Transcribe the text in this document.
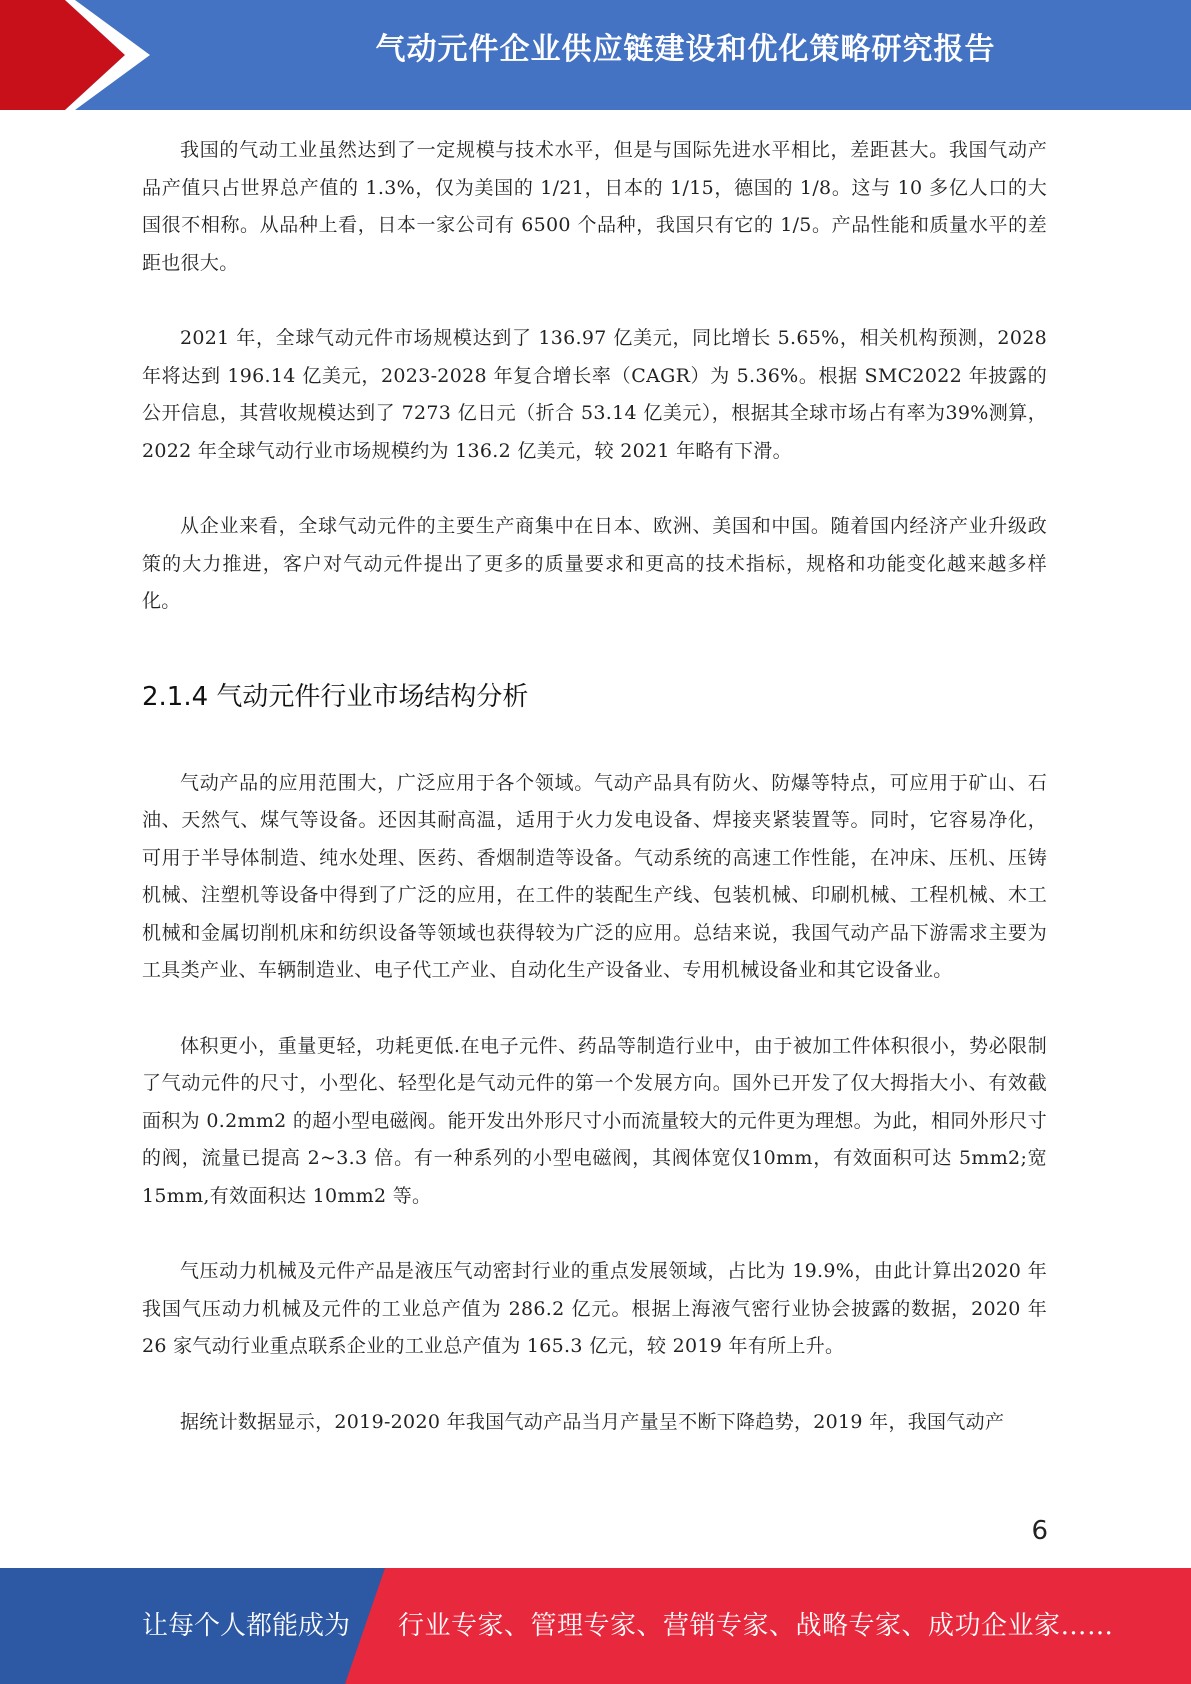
气动元件企业供应链建设和优化策略研究报告

我国的气动工业虽然达到了一定规模与技术水平，但是与国际先进水平相比，差距甚大。我国气动产品产值只占世界总产值的 1.3%，仅为美国的 1/21，日本的 1/15，德国的 1/8。这与 10 多亿人口的大国很不相称。从品种上看，日本一家公司有 6500 个品种，我国只有它的 1/5。产品性能和质量水平的差距也很大。

2021 年，全球气动元件市场规模达到了 136.97 亿美元，同比增长 5.65%，相关机构预测，2028 年将达到 196.14 亿美元，2023-2028 年复合增长率（CAGR）为 5.36%。根据 SMC2022 年披露的公开信息，其营收规模达到了 7273 亿日元（折合 53.14 亿美元），根据其全球市场占有率为39%测算，2022 年全球气动行业市场规模约为 136.2 亿美元，较 2021 年略有下滑。

从企业来看，全球气动元件的主要生产商集中在日本、欧洲、美国和中国。随着国内经济产业升级政策的大力推进，客户对气动元件提出了更多的质量要求和更高的技术指标，规格和功能变化越来越多样化。

2.1.4 气动元件行业市场结构分析

气动产品的应用范围大，广泛应用于各个领域。气动产品具有防火、防爆等特点，可应用于矿山、石油、天然气、煤气等设备。还因其耐高温，适用于火力发电设备、焊接夹紧装置等。同时，它容易净化，可用于半导体制造、纯水处理、医药、香烟制造等设备。气动系统的高速工作性能，在冲床、压机、压铸机械、注塑机等设备中得到了广泛的应用，在工件的装配生产线、包装机械、印刷机械、工程机械、木工机械和金属切削机床和纺织设备等领域也获得较为广泛的应用。总结来说，我国气动产品下游需求主要为工具类产业、车辆制造业、电子代工产业、自动化生产设备业、专用机械设备业和其它设备业。

体积更小，重量更轻，功耗更低.在电子元件、药品等制造行业中，由于被加工件体积很小，势必限制了气动元件的尺寸，小型化、轻型化是气动元件的第一个发展方向。国外已开发了仅大拇指大小、有效截面积为 0.2mm2 的超小型电磁阀。能开发出外形尺寸小而流量较大的元件更为理想。为此，相同外形尺寸的阀，流量已提高 2~3.3 倍。有一种系列的小型电磁阀，其阀体宽仅10mm，有效面积可达 5mm2;宽 15mm,有效面积达 10mm2 等。

气压动力机械及元件产品是液压气动密封行业的重点发展领域，占比为 19.9%，由此计算出2020 年我国气压动力机械及元件的工业总产值为 286.2 亿元。根据上海液气密行业协会披露的数据，2020 年 26 家气动行业重点联系企业的工业总产值为 165.3 亿元，较 2019 年有所上升。

据统计数据显示，2019-2020 年我国气动产品当月产量呈不断下降趋势，2019 年，我国气动产

6
让每个人都能成为 行业专家、管理专家、营销专家、战略专家、成功企业家……
